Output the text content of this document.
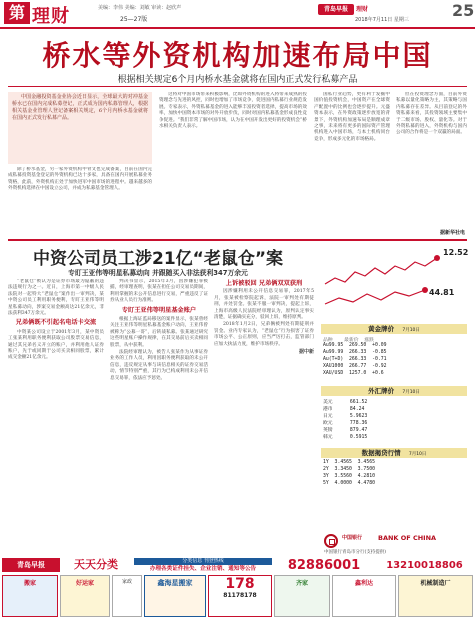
第 理财	美编：李伟 美编：刘敏 审读：赵欣声
25—27版
青岛早报	理财	25
2018年7月11日 星期三
桥水等外资机构加速布局中国
根据相关规定6个月内桥水基金就将在国内正式发行私募产品

中国金融投资基金业协会近日显示，全球最大的对冲基金桥水已在国内完成私募登记，正式成为国内私募管理人，根据相关基金业管理人登记备案相关规定，6个月内桥水基金就将在国内正式发行私募产品。

除了桥水基金，另一家外资机构甲骨文也完成备案，目前在国内完成私募投资基金登记的外资机构已达十多家，具备在国内开展私募业务资格，此前，外资机构正处于加快进军中国市场的进程中。越来越多的外资机构选择在中国设立公司，并成为私募基金管理人。

这将对中国市场带来积极影响，比如外资机构的进入将带来成熟的投资理念与先进的风控，同时也增加了市场竞争，促进国内私募行业规范发展。专家表示，外资私募基金的进入能够丰富投资者选择，提高市场的效率，加快中国资本市场的对外开放步伐，同时对国内私募基金形成良性竞争促进。“我们非常了解中国市场，认为在中国开发出更好的投资机会”桥水相关负责人表示。

国私行业趋势，更有利于发掘中国价值投资机会，中国资产在全球资产配置中的比例也会逐步提升。元盛资本表示，在外资政策逐步放宽的背景下，外资机构加速布局是顺理成章之事，未来将有更多的国际资产管理机构进入中国市场，与本土机构同台竞争，形成多元化的市场格局。

但在投资理念方面，目前外资私募以量化策略为主，其策略与国内私募存在差异。从目前登记的外资私募来看，其投资领域主要集中于二级市场、股权、量化等。对于外资私募的进入，外资机构与国内公司的合作将是一个双赢的局面。

据新华社电
中资公司员工涉21亿“老鼠仓”案
专盯王亚伟等明星私募动向 并跟随买入非法获利347万余元

“老鼠仓”被认为是证券市场最为隐蔽的违法违规行为之一。近日，上海市第一中级人民法院对一起特大“老鼠仓”案作出一审判决，某中资公司员工利用职务便利，专盯王亚伟等明星私募动向，涉案交易金额高达21亿余元，非法获利347万余元。

兄弟俩既不引起名电话卡交流

中资某公司设立于2001年3月，某中资员工张某利用职务便利获取公司股票交易信息，通过其兄弟名义开立的账户，并利用他人证券账户，先于或同期于公司买卖相同股票，累计成交金额21亿余元。

判决书显示，2015年3月，因涉嫌犯罪被捕，经审理查明，张某在担任公司交易员期间，利用掌握的未公开信息进行交易，严重违反了证券从业人员行为准则。

专盯王亚伟等明星基金账户

根据上海证监局移送的案件显示，张某曾经关注王亚伟等明星私募基金账户动向，王亚伟曾被称为“公募一哥”，后转战私募。张某通过研究这些明星账户操作规律，在其交易前后买卖相同股票，从中获利。

法院经审理认为，被告人张某作为从事证券业务的工作人员，利用因职务便利获取的未公开信息，违反规定从事与该信息相关的证券交易活动，情节特别严重，其行为已构成利用未公开信息交易罪，依法应予惩处。

上诉被驳回 兄弟俩双双获刑

因涉嫌利用未公开信息交易罪，2017年5月，张某被检察院起诉，法院一审判处有期徒刑，并处罚金。张某不服一审判决，提起上诉，上海市高级人民法院经审理认为，原判认定事实清楚，证据确实充分，驳回上诉，维持原判。

2018年1月2日，兄弟俩被判处有期徒刑并罚金。业内专家认为，“老鼠仓”行为损害了证券市场公平、公正原则，应当严厉打击，监管部门应加大执法力度，维护市场秩序。

据中新
12.52
44.81
黄金牌价 7月10日
品种    最新价  涨跌
Au99.95  269.50  +0.09
Au99.99  266.33  -0.85
Au(T+D)  266.33  -0.71
XAU1000  266.77  -0.92
XAU/USD  1257.0  +0.6
外汇牌价 7月10日
美元      661.52
港币      84.24
日元      5.9623
欧元      778.36
英镑      879.47
韩元      0.5915
数据揭贷行情 7月10日
1Y  3.4565  3.4565
2Y  3.3450  3.7500
3Y  3.5560  4.2810
5Y  4.0000  4.4780
中国银行 BANK OF CHINA
中国银行青岛市分行(支持提供)
青岛早报	天天分类	分类信息 刊登热线
办理各类证件挂失、企业注销、通知等公告	82886001	13210018806
搬家	好运家	家政	鑫海星搬家	178
81178178
齐家	鑫利达	机械制造厂
